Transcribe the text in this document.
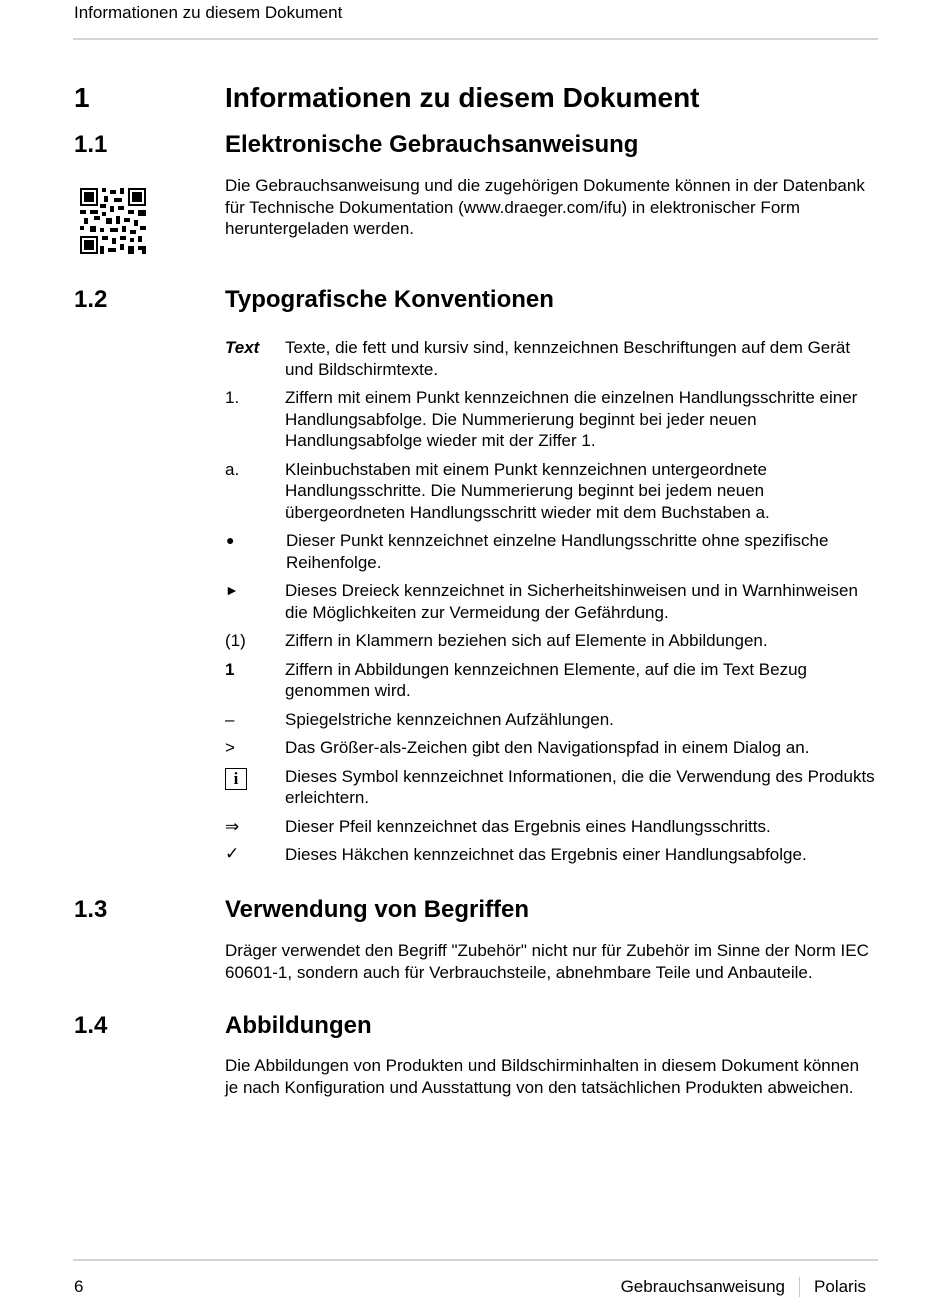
Informationen zu diesem Dokument
1	Informationen zu diesem Dokument
1.1	Elektronische Gebrauchsanweisung
Die Gebrauchsanweisung und die zugehörigen Dokumente können in der Datenbank für Technische Dokumentation (www.draeger.com/ifu) in elektronischer Form heruntergeladen werden.
1.2	Typografische Konventionen
Text	Texte, die fett und kursiv sind, kennzeichnen Beschriftungen auf dem Gerät und Bildschirmtexte.
1.	Ziffern mit einem Punkt kennzeichnen die einzelnen Handlungsschritte einer Handlungsabfolge. Die Nummerierung beginnt bei jeder neuen Handlungsabfolge wieder mit der Ziffer 1.
a.	Kleinbuchstaben mit einem Punkt kennzeichnen untergeordnete Handlungsschritte. Die Nummerierung beginnt bei jedem neuen übergeordneten Handlungsschritt wieder mit dem Buchstaben a.
●	Dieser Punkt kennzeichnet einzelne Handlungsschritte ohne spezifische Reihenfolge.
►	Dieses Dreieck kennzeichnet in Sicherheitshinweisen und in Warnhinweisen die Möglichkeiten zur Vermeidung der Gefährdung.
(1)	Ziffern in Klammern beziehen sich auf Elemente in Abbildungen.
1	Ziffern in Abbildungen kennzeichnen Elemente, auf die im Text Bezug genommen wird.
–	Spiegelstriche kennzeichnen Aufzählungen.
>	Das Größer-als-Zeichen gibt den Navigationspfad in einem Dialog an.
i	Dieses Symbol kennzeichnet Informationen, die die Verwendung des Produkts erleichtern.
⇒	Dieser Pfeil kennzeichnet das Ergebnis eines Handlungsschritts.
✓	Dieses Häkchen kennzeichnet das Ergebnis einer Handlungsabfolge.
1.3	Verwendung von Begriffen
Dräger verwendet den Begriff "Zubehör" nicht nur für Zubehör im Sinne der Norm IEC 60601-1, sondern auch für Verbrauchsteile, abnehmbare Teile und Anbauteile.
1.4	Abbildungen
Die Abbildungen von Produkten und Bildschirminhalten in diesem Dokument können je nach Konfiguration und Ausstattung von den tatsächlichen Produkten abweichen.
6	Gebrauchsanweisung Polaris
